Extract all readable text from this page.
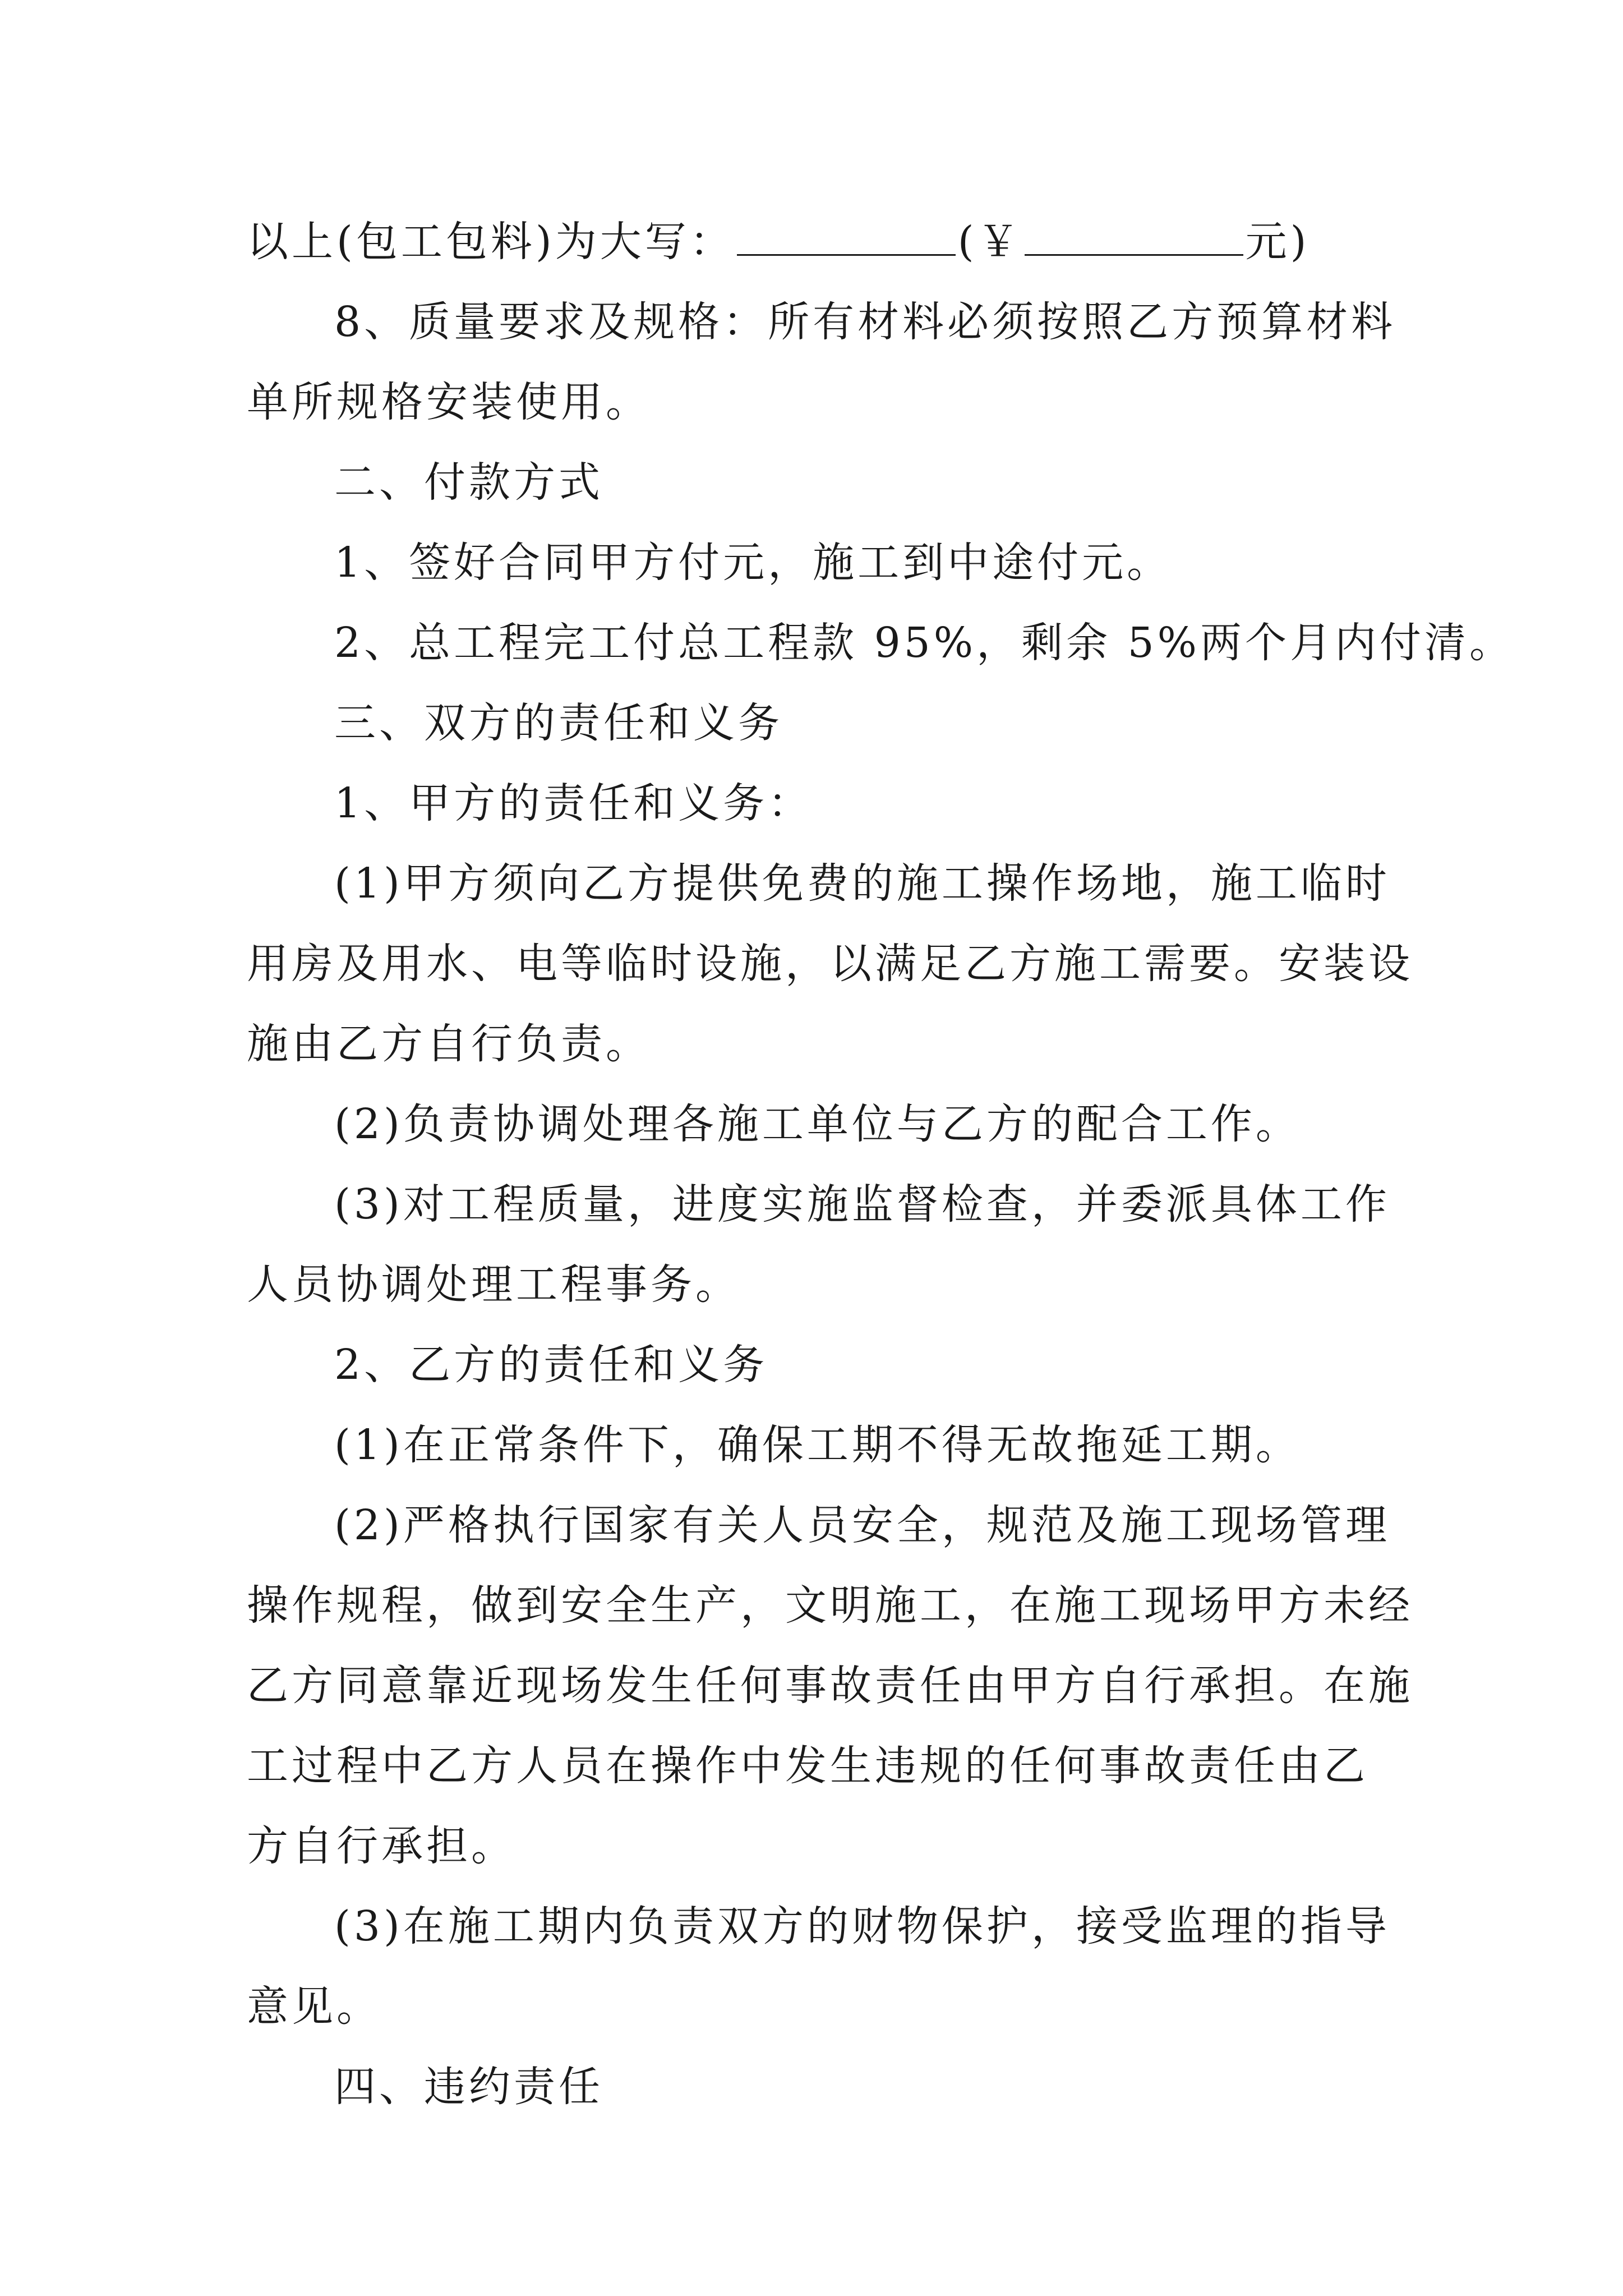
以上(包工包料)为大写：	(￥	元)
8、质量要求及规格：所有材料必须按照乙方预算材料
单所规格安装使用。
二、付款方式
1、签好合同甲方付元，施工到中途付元。
2、总工程完工付总工程款 95%，剩余 5%两个月内付清。
三、双方的责任和义务
1、甲方的责任和义务：
(1)甲方须向乙方提供免费的施工操作场地，施工临时
用房及用水、电等临时设施，以满足乙方施工需要。安装设
施由乙方自行负责。
(2)负责协调处理各施工单位与乙方的配合工作。
(3)对工程质量，进度实施监督检查，并委派具体工作
人员协调处理工程事务。
2、乙方的责任和义务
(1)在正常条件下，确保工期不得无故拖延工期。
(2)严格执行国家有关人员安全，规范及施工现场管理
操作规程，做到安全生产，文明施工，在施工现场甲方未经
乙方同意靠近现场发生任何事故责任由甲方自行承担。在施
工过程中乙方人员在操作中发生违规的任何事故责任由乙
方自行承担。
(3)在施工期内负责双方的财物保护，接受监理的指导
意见。
四、违约责任
